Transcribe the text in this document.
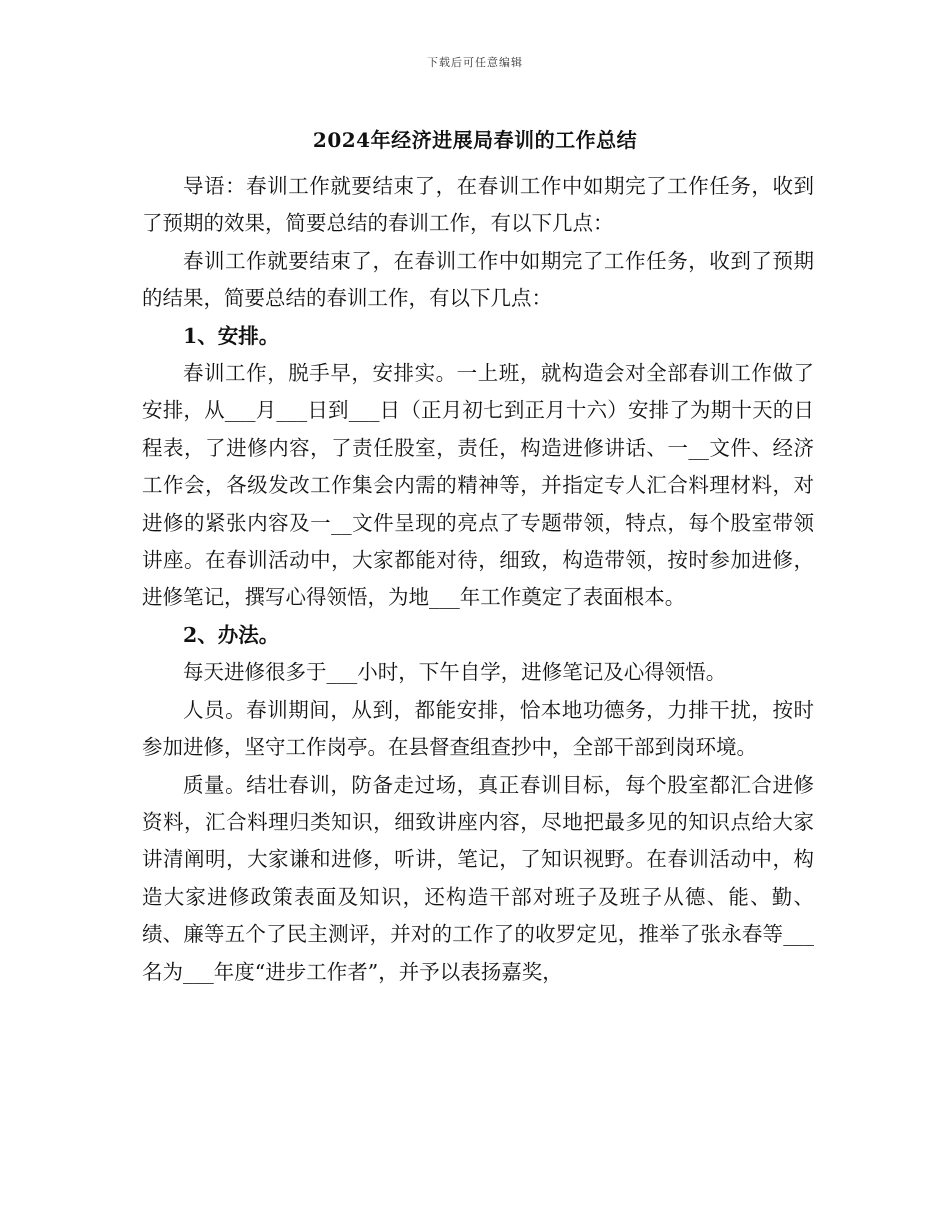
下载后可任意编辑
2024年经济进展局春训的工作总结

导语：春训工作就要结束了，在春训工作中如期完了工作任务，收到了预期的效果，简要总结的春训工作，有以下几点：

春训工作就要结束了，在春训工作中如期完了工作任务，收到了预期的结果，简要总结的春训工作，有以下几点：

1、安排。

春训工作，脱手早，安排实。一上班，就构造会对全部春训工作做了安排，从___月___日到___日（正月初七到正月十六）安排了为期十天的日程表，了进修内容，了责任股室，责任，构造进修讲话、一__文件、经济工作会，各级发改工作集会内需的精神等，并指定专人汇合料理材料，对进修的紧张内容及一__文件呈现的亮点了专题带领，特点，每个股室带领讲座。在春训活动中，大家都能对待，细致，构造带领，按时参加进修，进修笔记，撰写心得领悟，为地___年工作奠定了表面根本。

2、办法。

每天进修很多于___小时，下午自学，进修笔记及心得领悟。

人员。春训期间，从到，都能安排，恰本地功德务，力排干扰，按时参加进修，坚守工作岗亭。在县督查组查抄中，全部干部到岗环境。

质量。结壮春训，防备走过场，真正春训目标，每个股室都汇合进修资料，汇合料理归类知识，细致讲座内容，尽地把最多见的知识点给大家讲清阐明，大家谦和进修，听讲，笔记，了知识视野。在春训活动中，构造大家进修政策表面及知识，还构造干部对班子及班子从德、能、勤、绩、廉等五个了民主测评，并对的工作了的收罗定见，推举了张永春等___名为___年度“进步工作者”，并予以表扬嘉奖，
